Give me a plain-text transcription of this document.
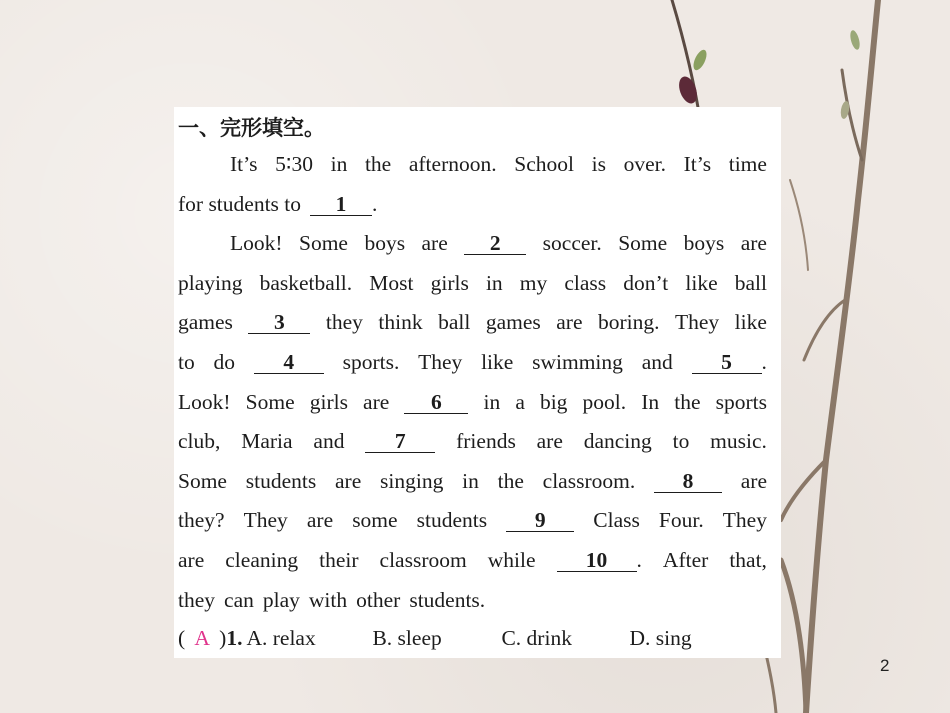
一、完形填空。
It’s 5∶30 in the afternoon. School is over. It’s time
for students to	1	.
Look! Some boys are	2	soccer. Some boys are
playing basketball. Most girls in my class don’t like ball
games	3	they think ball games are boring. They like
to do	4	sports. They like swimming and	5 .
Look! Some girls are	6	in a big pool. In the sports
club, Maria and	7	friends are dancing to music.
Some students are singing in the classroom.	8	are
they? They are some students	9	Class Four. They
are cleaning their classroom while	10 . After that,
they can play with other students.
( A ) 1. A. relax	B. sleep	C. drink	D. sing
2
